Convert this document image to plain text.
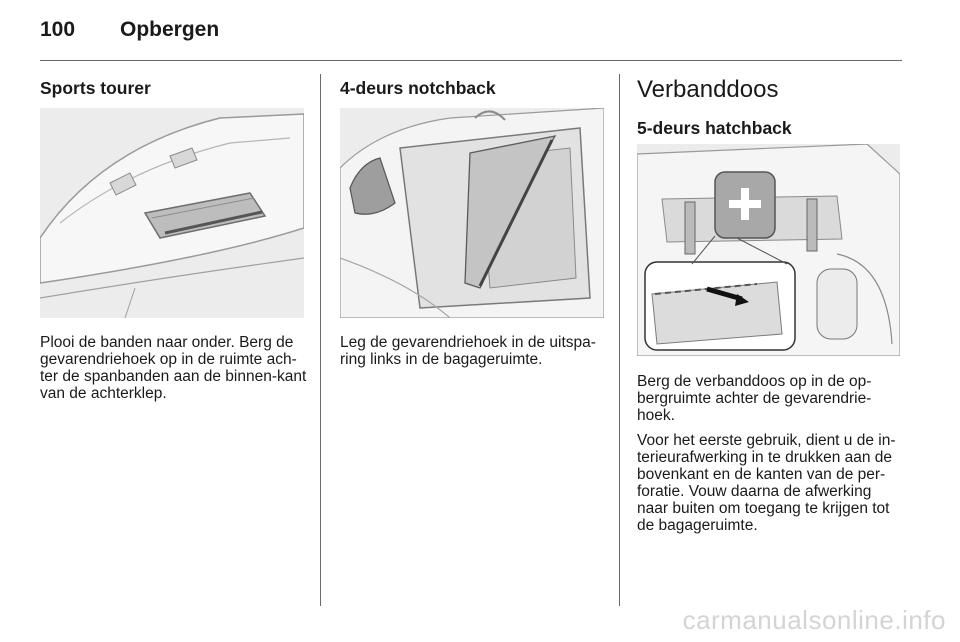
100 Opbergen
Sports tourer

Plooi de banden naar onder. Berg de gevarendriehoek op in de ruimte ach-ter de spanbanden aan de binnen-kant van de achterklep.

4-deurs notchback

Leg de gevarendriehoek in de uitspa-ring links in de bagageruimte.

Verbanddoos
5-deurs hatchback

Berg de verbanddoos op in de op-bergruimte achter de gevarendrie-hoek.

Voor het eerste gebruik, dient u de in-terieurafwerking in te drukken aan de bovenkant en de kanten van de per-foratie. Vouw daarna de afwerking naar buiten om toegang te krijgen tot de bagageruimte.

carmanualsonline.info
